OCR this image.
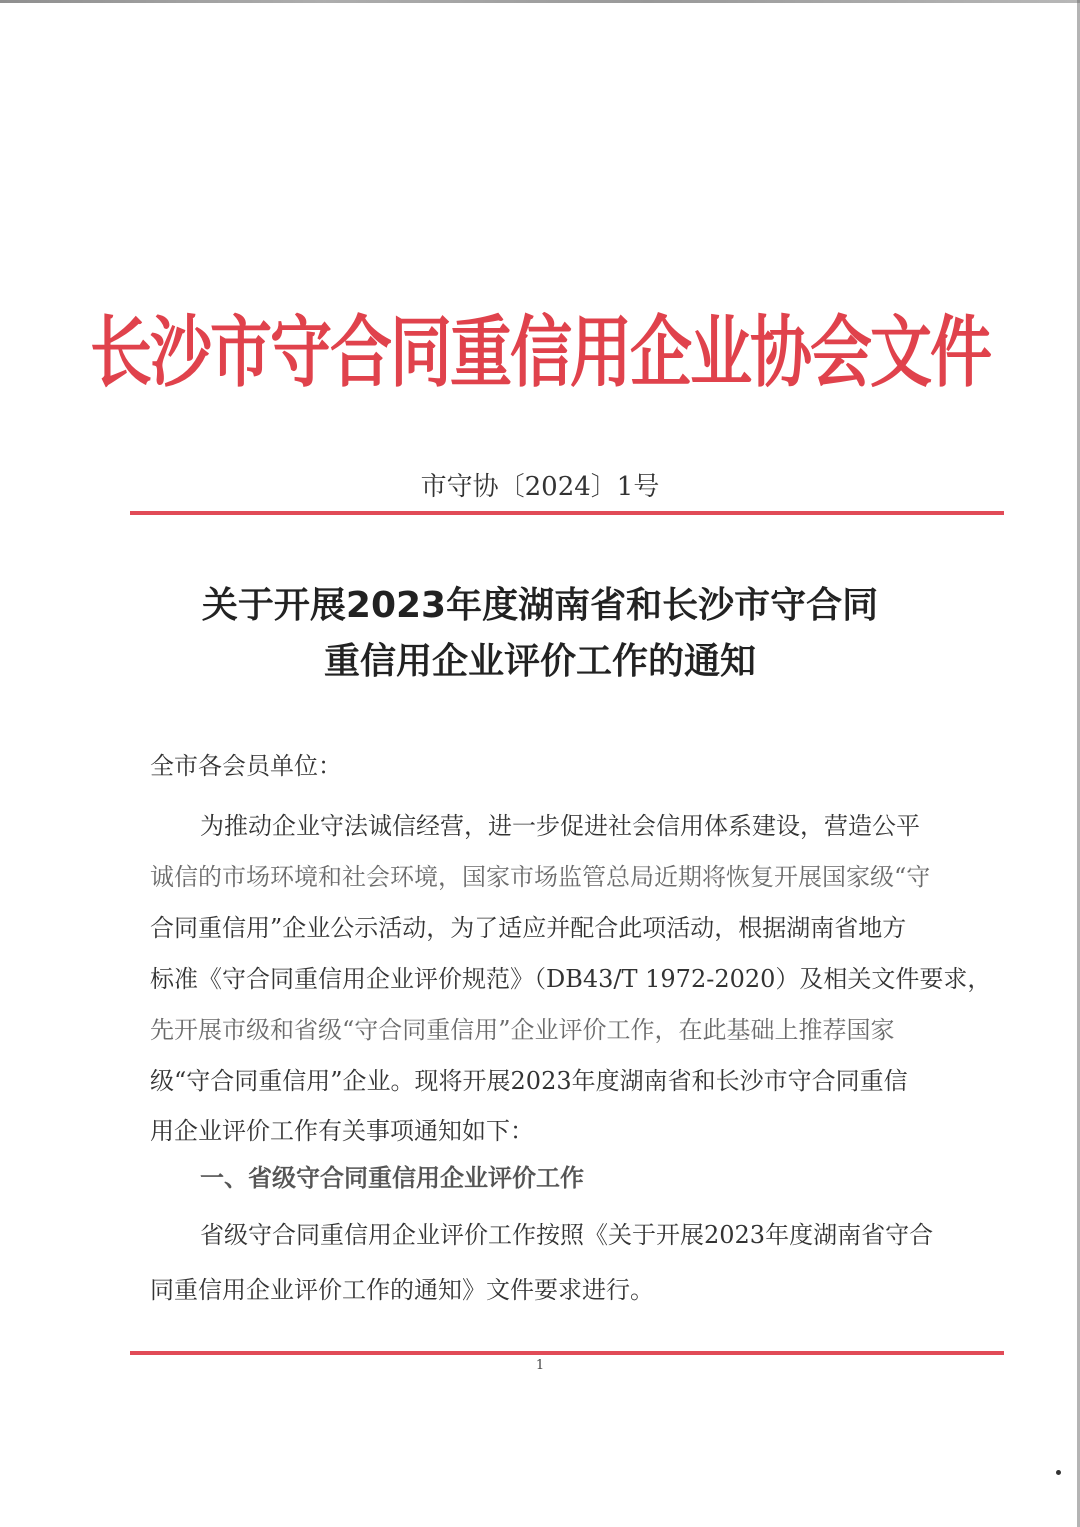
长沙市守合同重信用企业协会文件
市守协〔2024〕1号
关于开展2023年度湖南省和长沙市守合同
重信用企业评价工作的通知
全市各会员单位：
为推动企业守法诚信经营，进一步促进社会信用体系建设，营造公平
诚信的市场环境和社会环境，国家市场监管总局近期将恢复开展国家级“守
合同重信用”企业公示活动，为了适应并配合此项活动，根据湖南省地方
标准《守合同重信用企业评价规范》（DB43/T 1972-2020）及相关文件要求，
先开展市级和省级“守合同重信用”企业评价工作，在此基础上推荐国家
级“守合同重信用”企业。现将开展2023年度湖南省和长沙市守合同重信
用企业评价工作有关事项通知如下：
一、省级守合同重信用企业评价工作
省级守合同重信用企业评价工作按照《关于开展2023年度湖南省守合
同重信用企业评价工作的通知》文件要求进行。
1
